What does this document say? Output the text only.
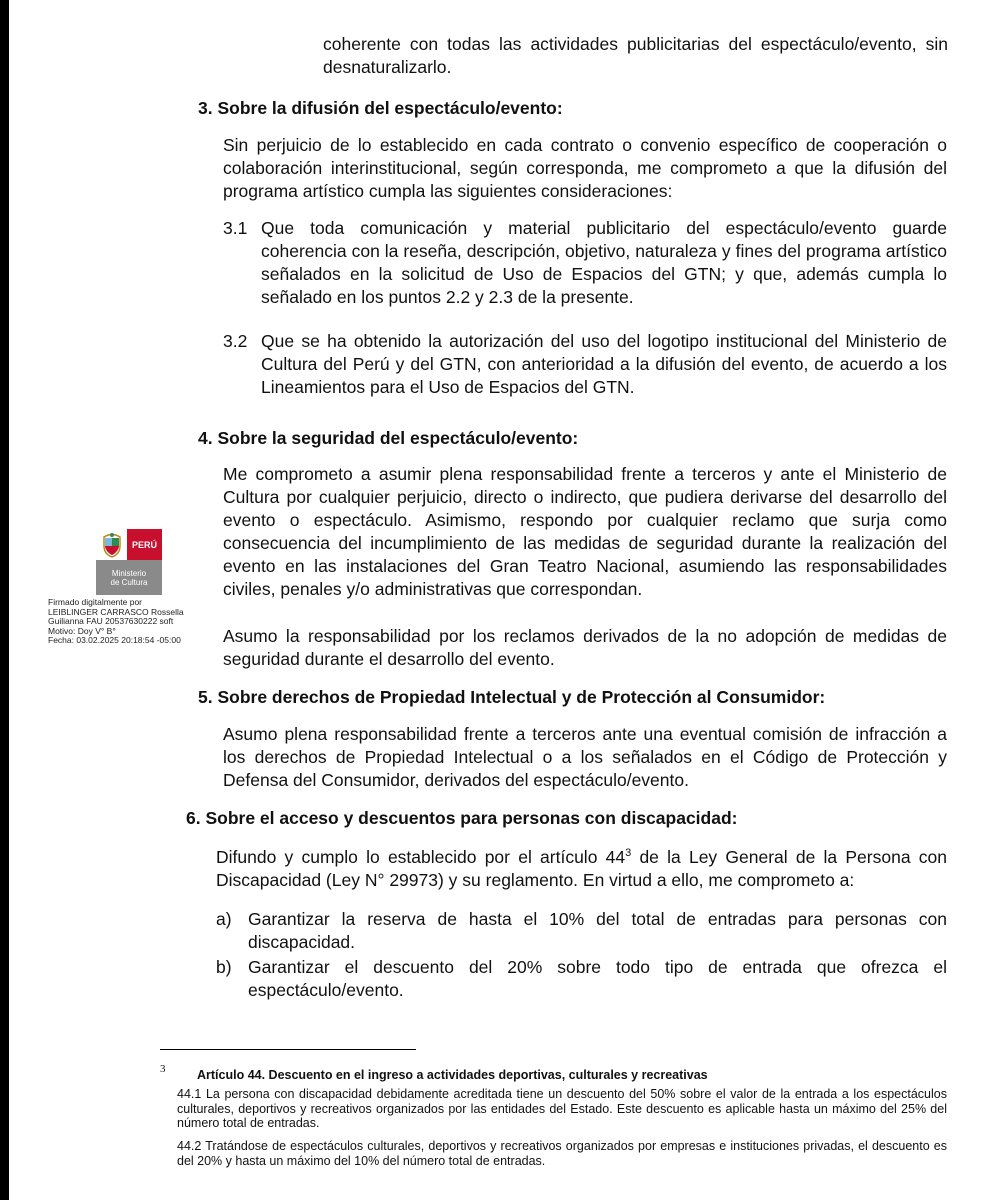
coherente con todas las actividades publicitarias del espectáculo/evento, sin desnaturalizarlo.

3. Sobre la difusión del espectáculo/evento:

Sin perjuicio de lo establecido en cada contrato o convenio específico de cooperación o colaboración interinstitucional, según corresponda, me comprometo a que la difusión del programa artístico cumpla las siguientes consideraciones:

3.1 Que toda comunicación y material publicitario del espectáculo/evento guarde coherencia con la reseña, descripción, objetivo, naturaleza y fines del programa artístico señalados en la solicitud de Uso de Espacios del GTN; y que, además cumpla lo señalado en los puntos 2.2 y 2.3 de la presente.
3.2 Que se ha obtenido la autorización del uso del logotipo institucional del Ministerio de Cultura del Perú y del GTN, con anterioridad a la difusión del evento, de acuerdo a los Lineamientos para el Uso de Espacios del GTN.
4. Sobre la seguridad del espectáculo/evento:

Me comprometo a asumir plena responsabilidad frente a terceros y ante el Ministerio de Cultura por cualquier perjuicio, directo o indirecto, que pudiera derivarse del desarrollo del evento o espectáculo. Asimismo, respondo por cualquier reclamo que surja como consecuencia del incumplimiento de las medidas de seguridad durante la realización del evento en las instalaciones del Gran Teatro Nacional, asumiendo las responsabilidades civiles, penales y/o administrativas que correspondan.

Asumo la responsabilidad por los reclamos derivados de la no adopción de medidas de seguridad durante el desarrollo del evento.

PERÚ
Ministerio
de Cultura
Firmado digitalmente por
LEIBLINGER CARRASCO Rossella
Guilianna FAU 20537630222 soft
Motivo: Doy V° B°
Fecha: 03.02.2025 20:18:54 -05:00
5. Sobre derechos de Propiedad Intelectual y de Protección al Consumidor:

Asumo plena responsabilidad frente a terceros ante una eventual comisión de infracción a los derechos de Propiedad Intelectual o a los señalados en el Código de Protección y Defensa del Consumidor, derivados del espectáculo/evento.

6. Sobre el acceso y descuentos para personas con discapacidad:

Difundo y cumplo lo establecido por el artículo $44^3$ de la Ley General de la Persona con Discapacidad (Ley N° 29973) y su reglamento. En virtud a ello, me comprometo a:

a) Garantizar la reserva de hasta el 10% del total de entradas para personas con discapacidad.
b) Garantizar el descuento del 20% sobre todo tipo de entrada que ofrezca el espectáculo/evento.
3	Artículo 44. Descuento en el ingreso a actividades deportivas, culturales y recreativas

44.1 La persona con discapacidad debidamente acreditada tiene un descuento del 50% sobre el valor de la entrada a los espectáculos culturales, deportivos y recreativos organizados por las entidades del Estado. Este descuento es aplicable hasta un máximo del 25% del número total de entradas.

44.2 Tratándose de espectáculos culturales, deportivos y recreativos organizados por empresas e instituciones privadas, el descuento es del 20% y hasta un máximo del 10% del número total de entradas.
